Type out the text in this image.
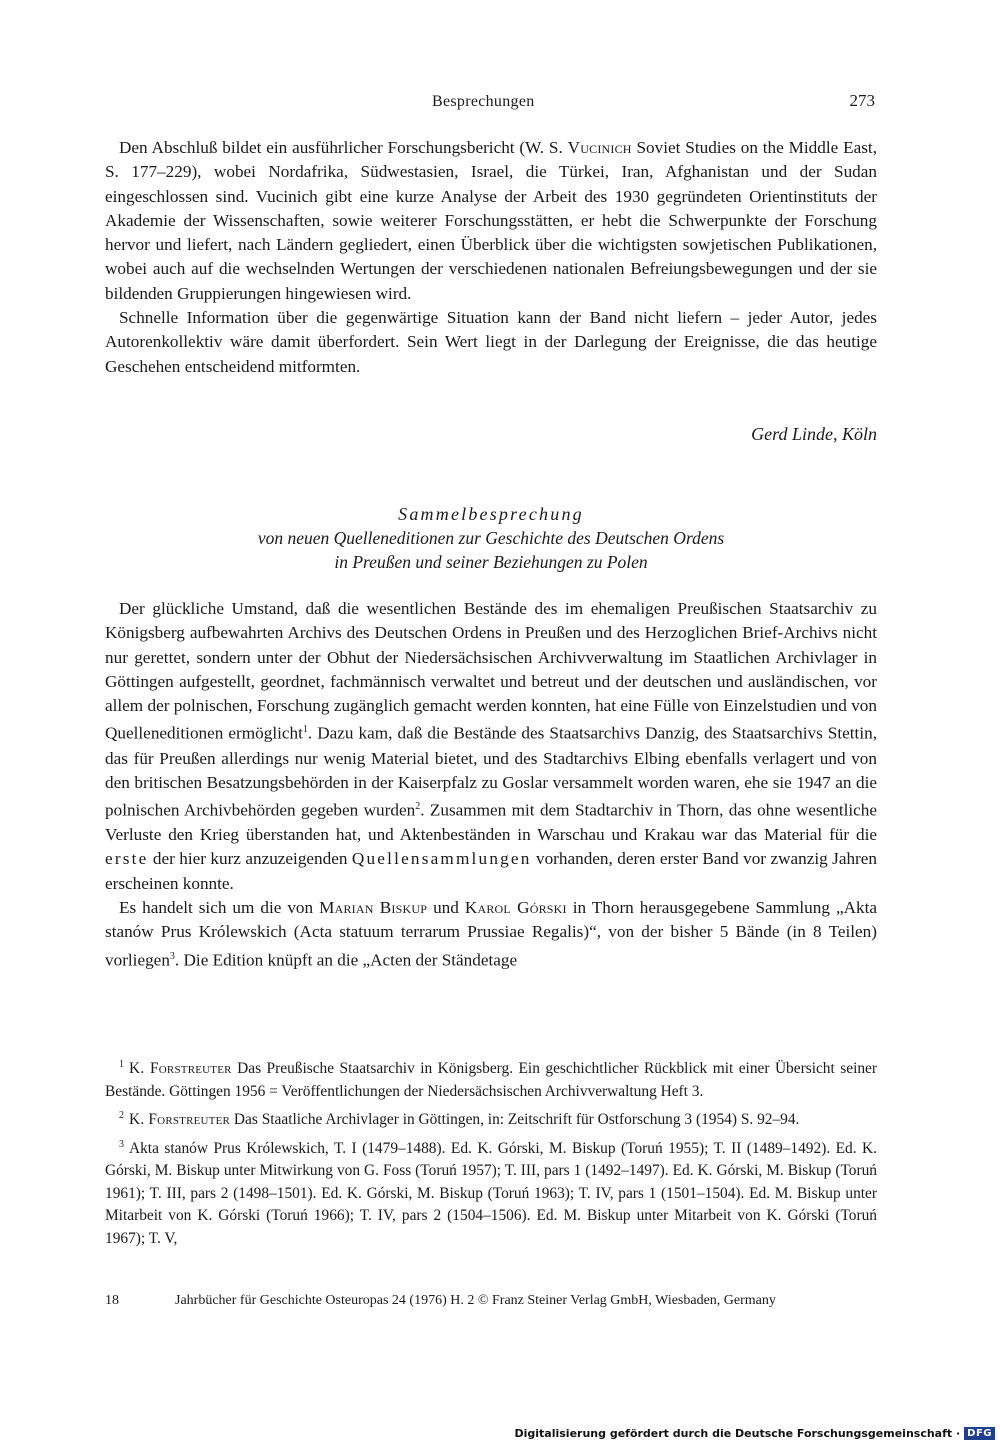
Besprechungen	273

Den Abschluß bildet ein ausführlicher Forschungsbericht (W. S. Vucinich Soviet Studies on the Middle East, S. 177–229), wobei Nordafrika, Südwestasien, Israel, die Türkei, Iran, Afghanistan und der Sudan eingeschlossen sind. Vucinich gibt eine kurze Analyse der Arbeit des 1930 gegründeten Orientinstituts der Akademie der Wissenschaften, sowie weiterer Forschungsstätten, er hebt die Schwerpunkte der Forschung hervor und liefert, nach Ländern gegliedert, einen Überblick über die wichtigsten sowjetischen Publikationen, wobei auch auf die wechselnden Wertungen der verschiedenen nationalen Befreiungsbewegungen und der sie bildenden Gruppierungen hingewiesen wird.

Schnelle Information über die gegenwärtige Situation kann der Band nicht liefern – jeder Autor, jedes Autorenkollektiv wäre damit überfordert. Sein Wert liegt in der Darlegung der Ereignisse, die das heutige Geschehen entscheidend mitformten.

Gerd Linde, Köln
Sammelbesprechung
von neuen Quelleneditionen zur Geschichte des Deutschen Ordens
in Preußen und seiner Beziehungen zu Polen

Der glückliche Umstand, daß die wesentlichen Bestände des im ehemaligen Preußischen Staatsarchiv zu Königsberg aufbewahrten Archivs des Deutschen Ordens in Preußen und des Herzoglichen Brief-Archivs nicht nur gerettet, sondern unter der Obhut der Niedersächsischen Archivverwaltung im Staatlichen Archivlager in Göttingen aufgestellt, geordnet, fachmännisch verwaltet und betreut und der deutschen und ausländischen, vor allem der polnischen, Forschung zugänglich gemacht werden konnten, hat eine Fülle von Einzelstudien und von Quelleneditionen ermöglicht$^1$. Dazu kam, daß die Bestände des Staatsarchivs Danzig, des Staatsarchivs Stettin, das für Preußen allerdings nur wenig Material bietet, und des Stadtarchivs Elbing ebenfalls verlagert und von den britischen Besatzungsbehörden in der Kaiserpfalz zu Goslar versammelt worden waren, ehe sie 1947 an die polnischen Archivbehörden gegeben wurden$^2$. Zusammen mit dem Stadtarchiv in Thorn, das ohne wesentliche Verluste den Krieg überstanden hat, und Aktenbeständen in Warschau und Krakau war das Material für die erste der hier kurz anzuzeigenden Quellensammlungen vorhanden, deren erster Band vor zwanzig Jahren erscheinen konnte.

Es handelt sich um die von Marian Biskup und Karol Górski in Thorn herausgegebene Sammlung „Akta stanów Prus Królewskich (Acta statuum terrarum Prussiae Regalis)“, von der bisher 5 Bände (in 8 Teilen) vorliegen$^3$. Die Edition knüpft an die „Acten der Ständetage

$^1$ K. Forstreuter Das Preußische Staatsarchiv in Königsberg. Ein geschichtlicher Rückblick mit einer Übersicht seiner Bestände. Göttingen 1956 = Veröffentlichungen der Niedersächsischen Archivverwaltung Heft 3.

$^2$ K. Forstreuter Das Staatliche Archivlager in Göttingen, in: Zeitschrift für Ostforschung 3 (1954) S. 92–94.

$^3$ Akta stanów Prus Królewskich, T. I (1479–1488). Ed. K. Górski, M. Biskup (Toruń 1955); T. II (1489–1492). Ed. K. Górski, M. Biskup unter Mitwirkung von G. Foss (Toruń 1957); T. III, pars 1 (1492–1497). Ed. K. Górski, M. Biskup (Toruń 1961); T. III, pars 2 (1498–1501). Ed. K. Górski, M. Biskup (Toruń 1963); T. IV, pars 1 (1501–1504). Ed. M. Biskup unter Mitarbeit von K. Górski (Toruń 1966); T. IV, pars 2 (1504–1506). Ed. M. Biskup unter Mitarbeit von K. Górski (Toruń 1967); T. V,

18	Jahrbücher für Geschichte Osteuropas 24 (1976) H. 2 © Franz Steiner Verlag GmbH, Wiesbaden, Germany
Digitalisierung gefördert durch die Deutsche Forschungsgemeinschaft · DFG
